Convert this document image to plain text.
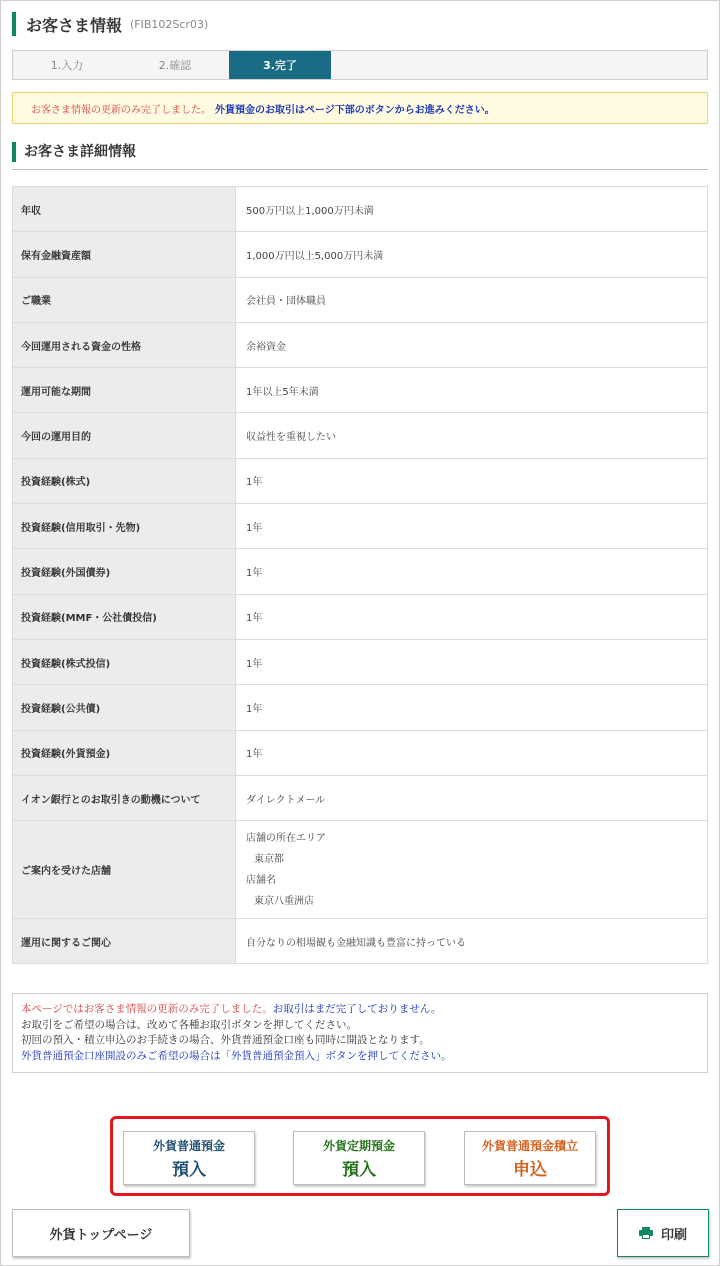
お客さま情報 (FIB102Scr03)
1.入力	2.確認	3.完了
お客さま情報の更新のみ完了しました。 外貨預金のお取引はページ下部のボタンからお進みください。
お客さま詳細情報
年収	500万円以上1,000万円未満
保有金融資産額	1,000万円以上5,000万円未満
ご職業	会社員・団体職員
今回運用される資金の性格	余裕資金
運用可能な期間	1年以上5年未満
今回の運用目的	収益性を重視したい
投資経験(株式)	1年
投資経験(信用取引・先物)	1年
投資経験(外国債券)	1年
投資経験(MMF・公社債投信)	1年
投資経験(株式投信)	1年
投資経験(公共債)	1年
投資経験(外貨預金)	1年
イオン銀行とのお取引きの動機について	ダイレクトメール
ご案内を受けた店舗	店舗の所在エリア
東京都
店舗名
東京八重洲店

運用に関するご関心	自分なりの相場観も金融知識も豊富に持っている
本ページではお客さま情報の更新のみ完了しました。お取引はまだ完了しておりません。
お取引をご希望の場合は、改めて各種お取引ボタンを押してください。
初回の預入・積立申込のお手続きの場合、外貨普通預金口座も同時に開設となります。
外貨普通預金口座開設のみご希望の場合は「外貨普通預金預入」ボタンを押してください。
外貨普通預金
預入
外貨定期預金
預入
外貨普通預金積立
申込
外貨トップページ	印刷
